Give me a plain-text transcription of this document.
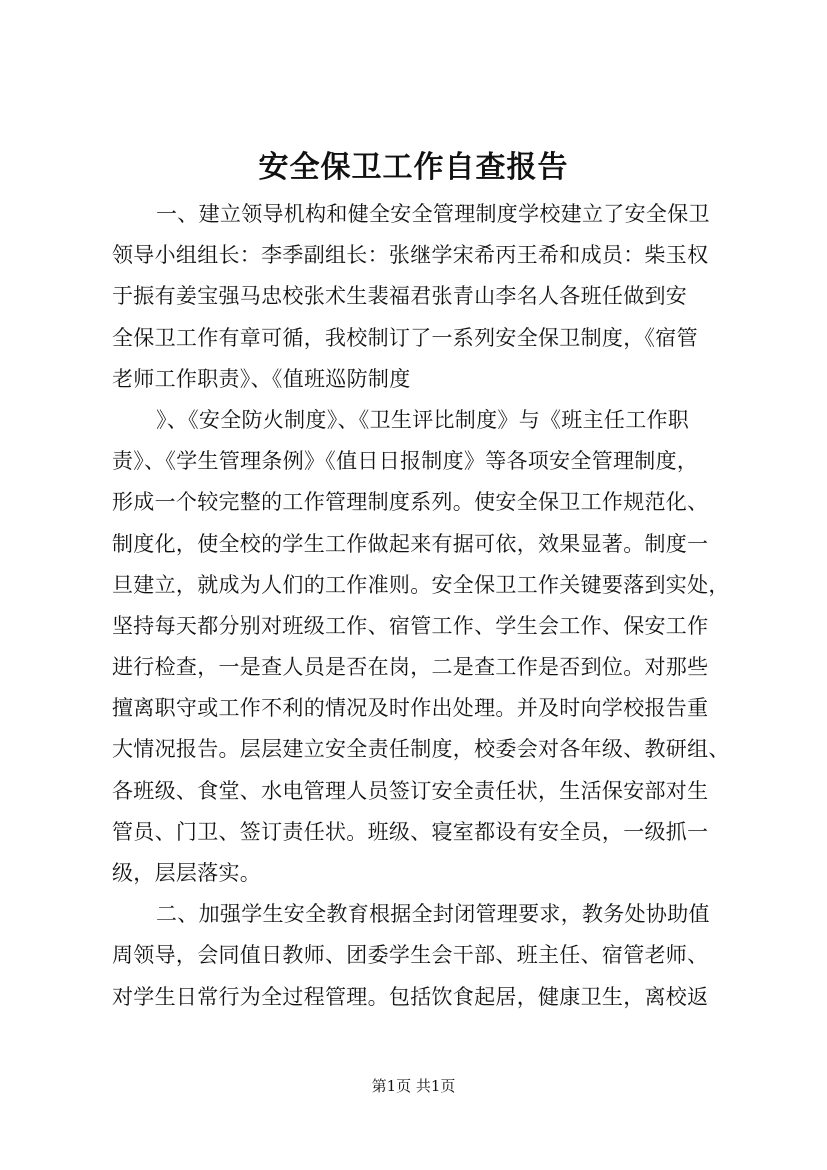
安全保卫工作自查报告
一、建立领导机构和健全安全管理制度学校建立了安全保卫
领导小组组长：李季副组长：张继学宋希丙王希和成员：柴玉权
于振有姜宝强马忠校张术生裴福君张青山李名人各班任做到安
全保卫工作有章可循，我校制订了一系列安全保卫制度，《宿管
老师工作职责》、《值班巡防制度
》、《安全防火制度》、《卫生评比制度》与《班主任工作职
责》、《学生管理条例》《值日日报制度》等各项安全管理制度，
形成一个较完整的工作管理制度系列。使安全保卫工作规范化、
制度化，使全校的学生工作做起来有据可依，效果显著。制度一
旦建立，就成为人们的工作准则。安全保卫工作关键要落到实处，
坚持每天都分别对班级工作、宿管工作、学生会工作、保安工作
进行检查，一是查人员是否在岗，二是查工作是否到位。对那些
擅离职守或工作不利的情况及时作出处理。并及时向学校报告重
大情况报告。层层建立安全责任制度，校委会对各年级、教研组、
各班级、食堂、水电管理人员签订安全责任状，生活保安部对生
管员、门卫、签订责任状。班级、寝室都设有安全员，一级抓一
级，层层落实。
二、加强学生安全教育根据全封闭管理要求，教务处协助值
周领导，会同值日教师、团委学生会干部、班主任、宿管老师、
对学生日常行为全过程管理。包括饮食起居，健康卫生，离校返
第1页 共1页
